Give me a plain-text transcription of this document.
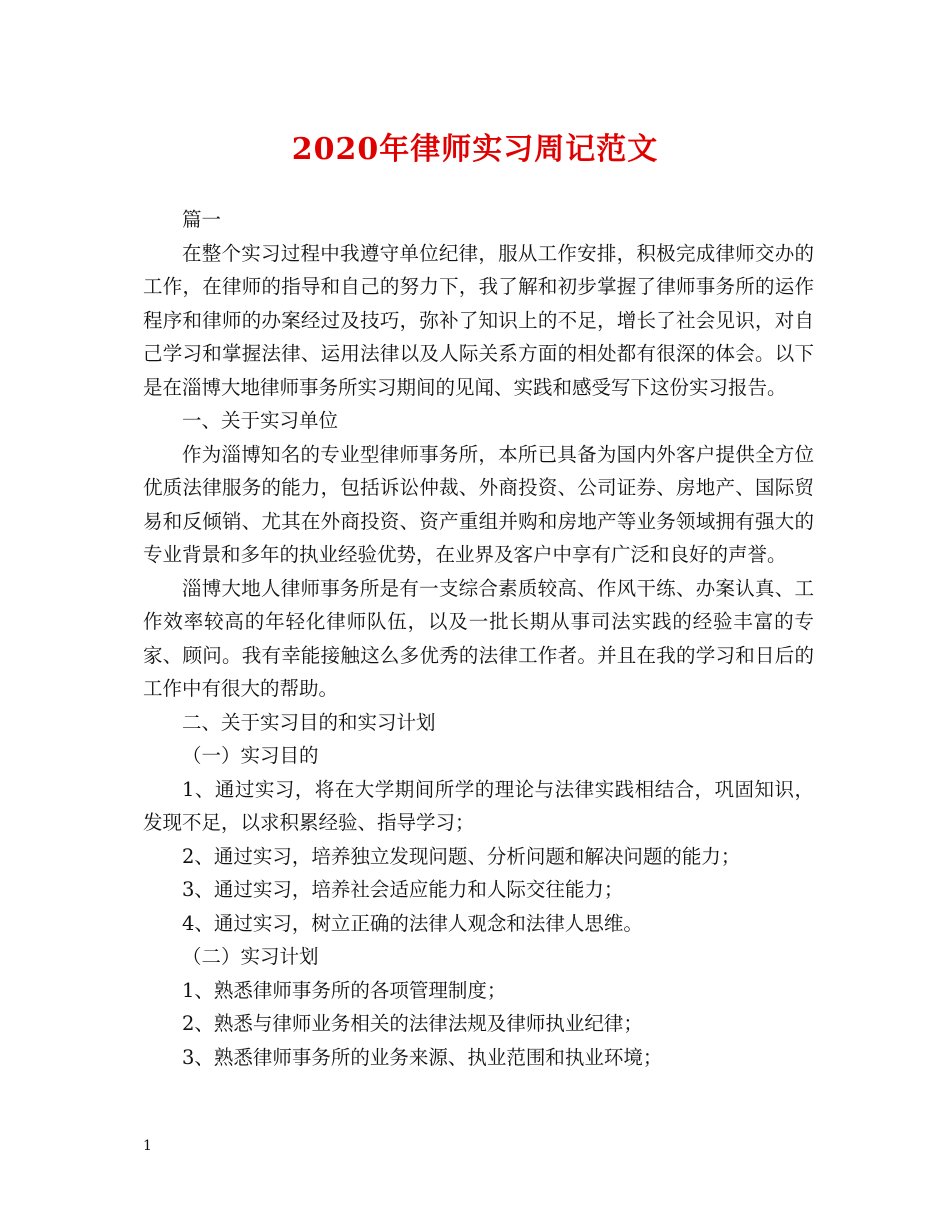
2020年律师实习周记范文

篇一

在整个实习过程中我遵守单位纪律，服从工作安排，积极完成律师交办的工作，在律师的指导和自己的努力下，我了解和初步掌握了律师事务所的运作程序和律师的办案经过及技巧，弥补了知识上的不足，增长了社会见识，对自己学习和掌握法律、运用法律以及人际关系方面的相处都有很深的体会。以下是在淄博大地律师事务所实习期间的见闻、实践和感受写下这份实习报告。

一、关于实习单位

作为淄博知名的专业型律师事务所，本所已具备为国内外客户提供全方位优质法律服务的能力，包括诉讼仲裁、外商投资、公司证券、房地产、国际贸易和反倾销、尤其在外商投资、资产重组并购和房地产等业务领域拥有强大的专业背景和多年的执业经验优势，在业界及客户中享有广泛和良好的声誉。

淄博大地人律师事务所是有一支综合素质较高、作风干练、办案认真、工作效率较高的年轻化律师队伍，以及一批长期从事司法实践的经验丰富的专家、顾问。我有幸能接触这么多优秀的法律工作者。并且在我的学习和日后的工作中有很大的帮助。

二、关于实习目的和实习计划

（一）实习目的

1、通过实习，将在大学期间所学的理论与法律实践相结合，巩固知识，发现不足，以求积累经验、指导学习；

2、通过实习，培养独立发现问题、分析问题和解决问题的能力；

3、通过实习，培养社会适应能力和人际交往能力；

4、通过实习，树立正确的法律人观念和法律人思维。

（二）实习计划

1、熟悉律师事务所的各项管理制度；

2、熟悉与律师业务相关的法律法规及律师执业纪律；

3、熟悉律师事务所的业务来源、执业范围和执业环境；

1
